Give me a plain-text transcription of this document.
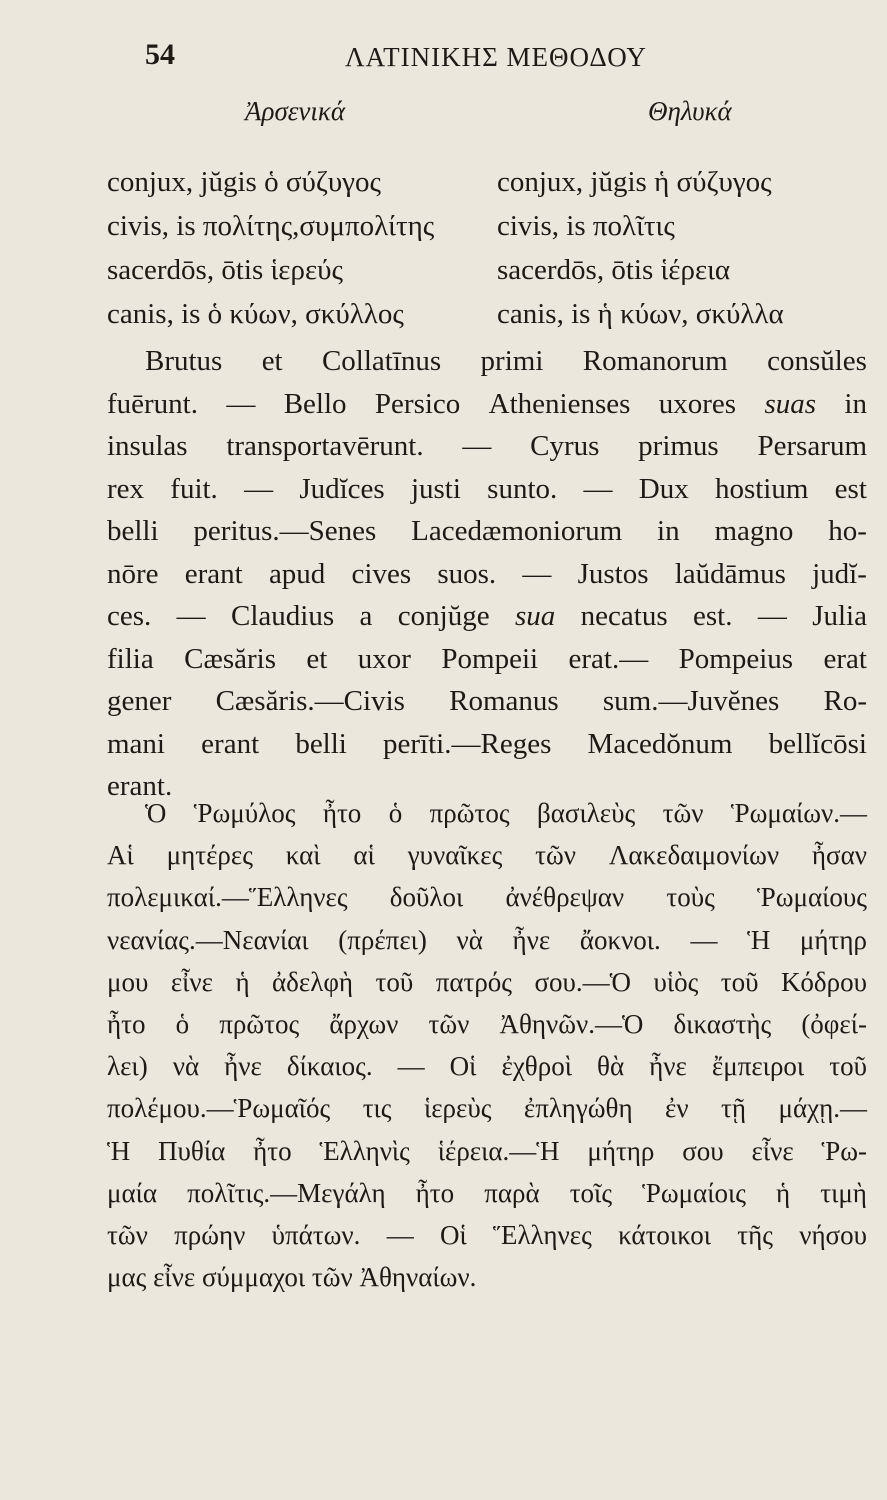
54	ΛΑΤΙΝΙΚΗΣ ΜΕΘΟΔΟΥ
Ἀρσενικά	Θηλυκά
conjux, jŭgis ὁ σύζυγος	conjux, jŭgis ἡ σύζυγος
civis, is πολίτης,συμπολίτης	civis, is πολῖτις
sacerdōs, ōtis ἱερεύς	sacerdōs, ōtis ἱέρεια
canis, is ὁ κύων, σκύλλος	canis, is ἡ κύων, σκύλλα
Brutus et Collatīnus primi Romanorum consŭles
fuērunt. — Bello Persico Athenienses uxores suas in
insulas transportavērunt. — Cyrus primus Persarum
rex fuit. — Judĭces justi sunto. — Dux hostium est
belli peritus.—Senes Lacedæmoniorum in magno ho-
nōre erant apud cives suos. — Justos laŭdāmus judĭ-
ces. — Claudius a conjŭge sua necatus est. — Julia
filia Cæsăris et uxor Pompeii erat.— Pompeius erat
gener Cæsăris.—Civis Romanus sum.—Juvĕnes Ro-
mani erant belli perīti.—Reges Macedŏnum bellĭcōsi
erant.
Ὁ Ῥωμύλος ἦτο ὁ πρῶτος βασιλεὺς τῶν Ῥωμαίων.—
Αἱ μητέρες καὶ αἱ γυναῖκες τῶν Λακεδαιμονίων ἦσαν
πολεμικαί.—Ἕλληνες δοῦλοι ἀνέθρεψαν τοὺς Ῥωμαίους
νεανίας.—Νεανίαι (πρέπει) νὰ ἦνε ἄοκνοι. — Ἡ μήτηρ
μου εἶνε ἡ ἀδελφὴ τοῦ πατρός σου.—Ὁ υἱὸς τοῦ Κόδρου
ἦτο ὁ πρῶτος ἄρχων τῶν Ἀθηνῶν.—Ὁ δικαστὴς (ὀφεί-
λει) νὰ ἦνε δίκαιος. — Οἱ ἐχθροὶ θὰ ἦνε ἔμπειροι τοῦ
πολέμου.—Ῥωμαῖός τις ἱερεὺς ἐπληγώθη ἐν τῇ μάχῃ.—
Ἡ Πυθία ἦτο Ἑλληνὶς ἱέρεια.—Ἡ μήτηρ σου εἶνε Ῥω-
μαία πολῖτις.—Μεγάλη ἦτο παρὰ τοῖς Ῥωμαίοις ἡ τιμὴ
τῶν πρώην ὑπάτων. — Οἱ Ἕλληνες κάτοικοι τῆς νήσου
μας εἶνε σύμμαχοι τῶν Ἀθηναίων.
